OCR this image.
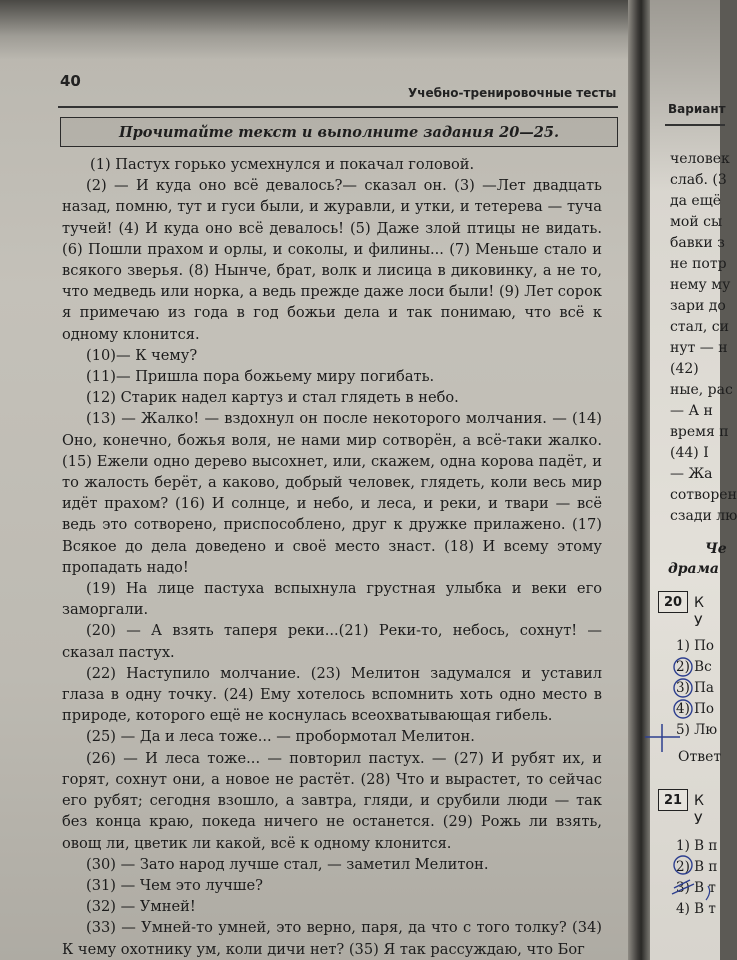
40
Учебно-тренировочные тесты
Прочитайте текст и выполните задания 20—25.

(1) Пастух горько усмехнулся и покачал головой.

(2) — И куда оно всё девалось?— сказал он. (3) —Лет двадцать назад, помню, тут и гуси были, и журавли, и утки, и тетерева — туча тучей! (4) И куда оно всё девалось! (5) Даже злой птицы не видать. (6) Пошли прахом и орлы, и соколы, и филины... (7) Меньше стало и всякого зверья. (8) Нынче, брат, волк и лисица в диковинку, а не то, что медведь или норка, а ведь прежде даже лоси были! (9) Лет сорок я примечаю из года в год божьи дела и так понимаю, что всё к одному клонится.

(10)— К чему?

(11)— Пришла пора божьему миру погибать.

(12) Старик надел картуз и стал глядеть в небо.

(13) — Жалко! — вздохнул он после некоторого молчания. — (14) Оно, конечно, божья воля, не нами мир сотворён, а всё-таки жалко. (15) Ежели одно дерево высохнет, или, скажем, одна корова падёт, и то жалость берёт, а каково, добрый человек, глядеть, коли весь мир идёт прахом? (16) И солнце, и небо, и леса, и реки, и твари — всё ведь это сотворено, приспособлено, друг к дружке прилажено. (17) Всякое до дела доведено и своё место знаст. (18) И всему этому пропадать надо!

(19) На лице пастуха вспыхнула грустная улыбка и веки его заморгали.

(20) — А взять таперя реки...(21) Реки-то, небось, сохнут! — сказал пастух.

(22) Наступило молчание. (23) Мелитон задумался и уставил глаза в одну точку. (24) Ему хотелось вспомнить хоть одно место в природе, которого ещё не коснулась всеохватывающая гибель.

(25) — Да и леса тоже... — пробормотал Мелитон.

(26) — И леса тоже... — повторил пастух. — (27) И рубят их, и горят, сохнут они, а новое не растёт. (28) Что и вырастет, то сейчас его рубят; сегодня взошло, а завтра, гляди, и срубили люди — так без конца краю, покеда ничего не останется. (29) Рожь ли взять, овощ ли, цветик ли какой, всё к одному клонится.

(30) — Зато народ лучше стал, — заметил Мелитон.

(31) — Чем это лучше?

(32) — Умней!

(33) — Умней-то умней, это верно, паря, да что с того толку? (34) К чему охотнику ум, коли дичи нет? (35) Я так рассуждаю, что Бог

Вариант
человек
слаб. (3
да ещё
мой сы
бавки з
не потр
нему му
зари до
стал, си
нут — н
(42)
ные, рас
— А н
время п
(44) I
— Жа
сотворен
сзади лю
Че
драма
20 К
У
1) По
2) Вс
3) Па
4) По
5) Лю
Ответ
21 К
У
1) В п
2) В п
3) В т
4) В т
